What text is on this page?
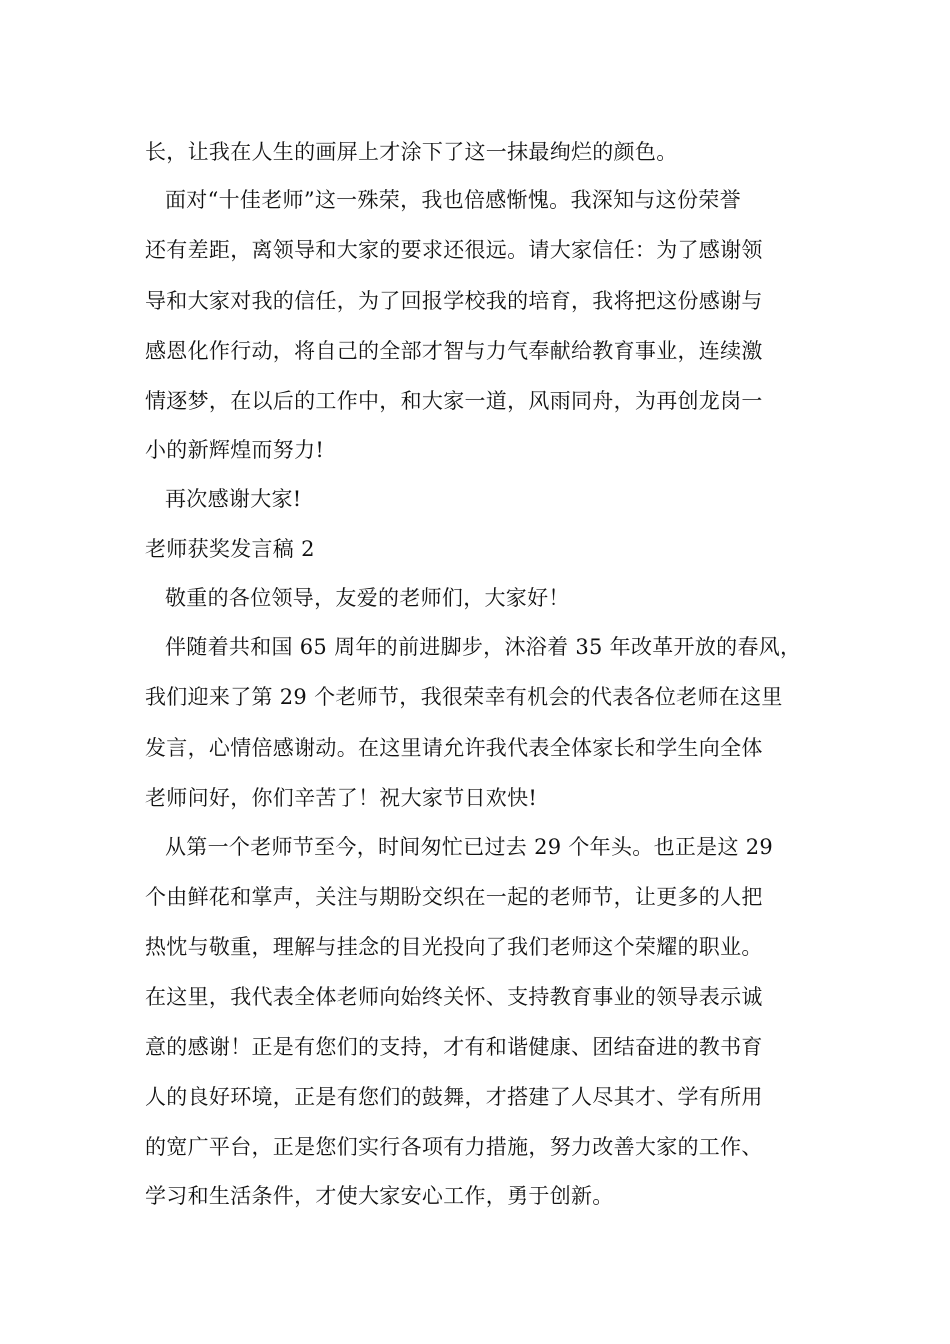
长，让我在人生的画屏上才涂下了这一抹最绚烂的颜色。
面对“十佳老师”这一殊荣，我也倍感惭愧。我深知与这份荣誉
还有差距，离领导和大家的要求还很远。请大家信任：为了感谢领
导和大家对我的信任，为了回报学校我的培育，我将把这份感谢与
感恩化作行动，将自己的全部才智与力气奉献给教育事业，连续激
情逐梦，在以后的工作中，和大家一道，风雨同舟，为再创龙岗一
小的新辉煌而努力!
再次感谢大家!
老师获奖发言稿 2
敬重的各位领导，友爱的老师们，大家好！
伴随着共和国 65 周年的前进脚步，沐浴着 35 年改革开放的春风，
我们迎来了第 29 个老师节，我很荣幸有机会的代表各位老师在这里
发言，心情倍感谢动。在这里请允许我代表全体家长和学生向全体
老师问好，你们辛苦了！祝大家节日欢快!
从第一个老师节至今，时间匆忙已过去 29 个年头。也正是这 29
个由鲜花和掌声，关注与期盼交织在一起的老师节，让更多的人把
热忱与敬重，理解与挂念的目光投向了我们老师这个荣耀的职业。
在这里，我代表全体老师向始终关怀、支持教育事业的领导表示诚
意的感谢！正是有您们的支持，才有和谐健康、团结奋进的教书育
人的良好环境，正是有您们的鼓舞，才搭建了人尽其才、学有所用
的宽广平台，正是您们实行各项有力措施，努力改善大家的工作、
学习和生活条件，才使大家安心工作，勇于创新。
